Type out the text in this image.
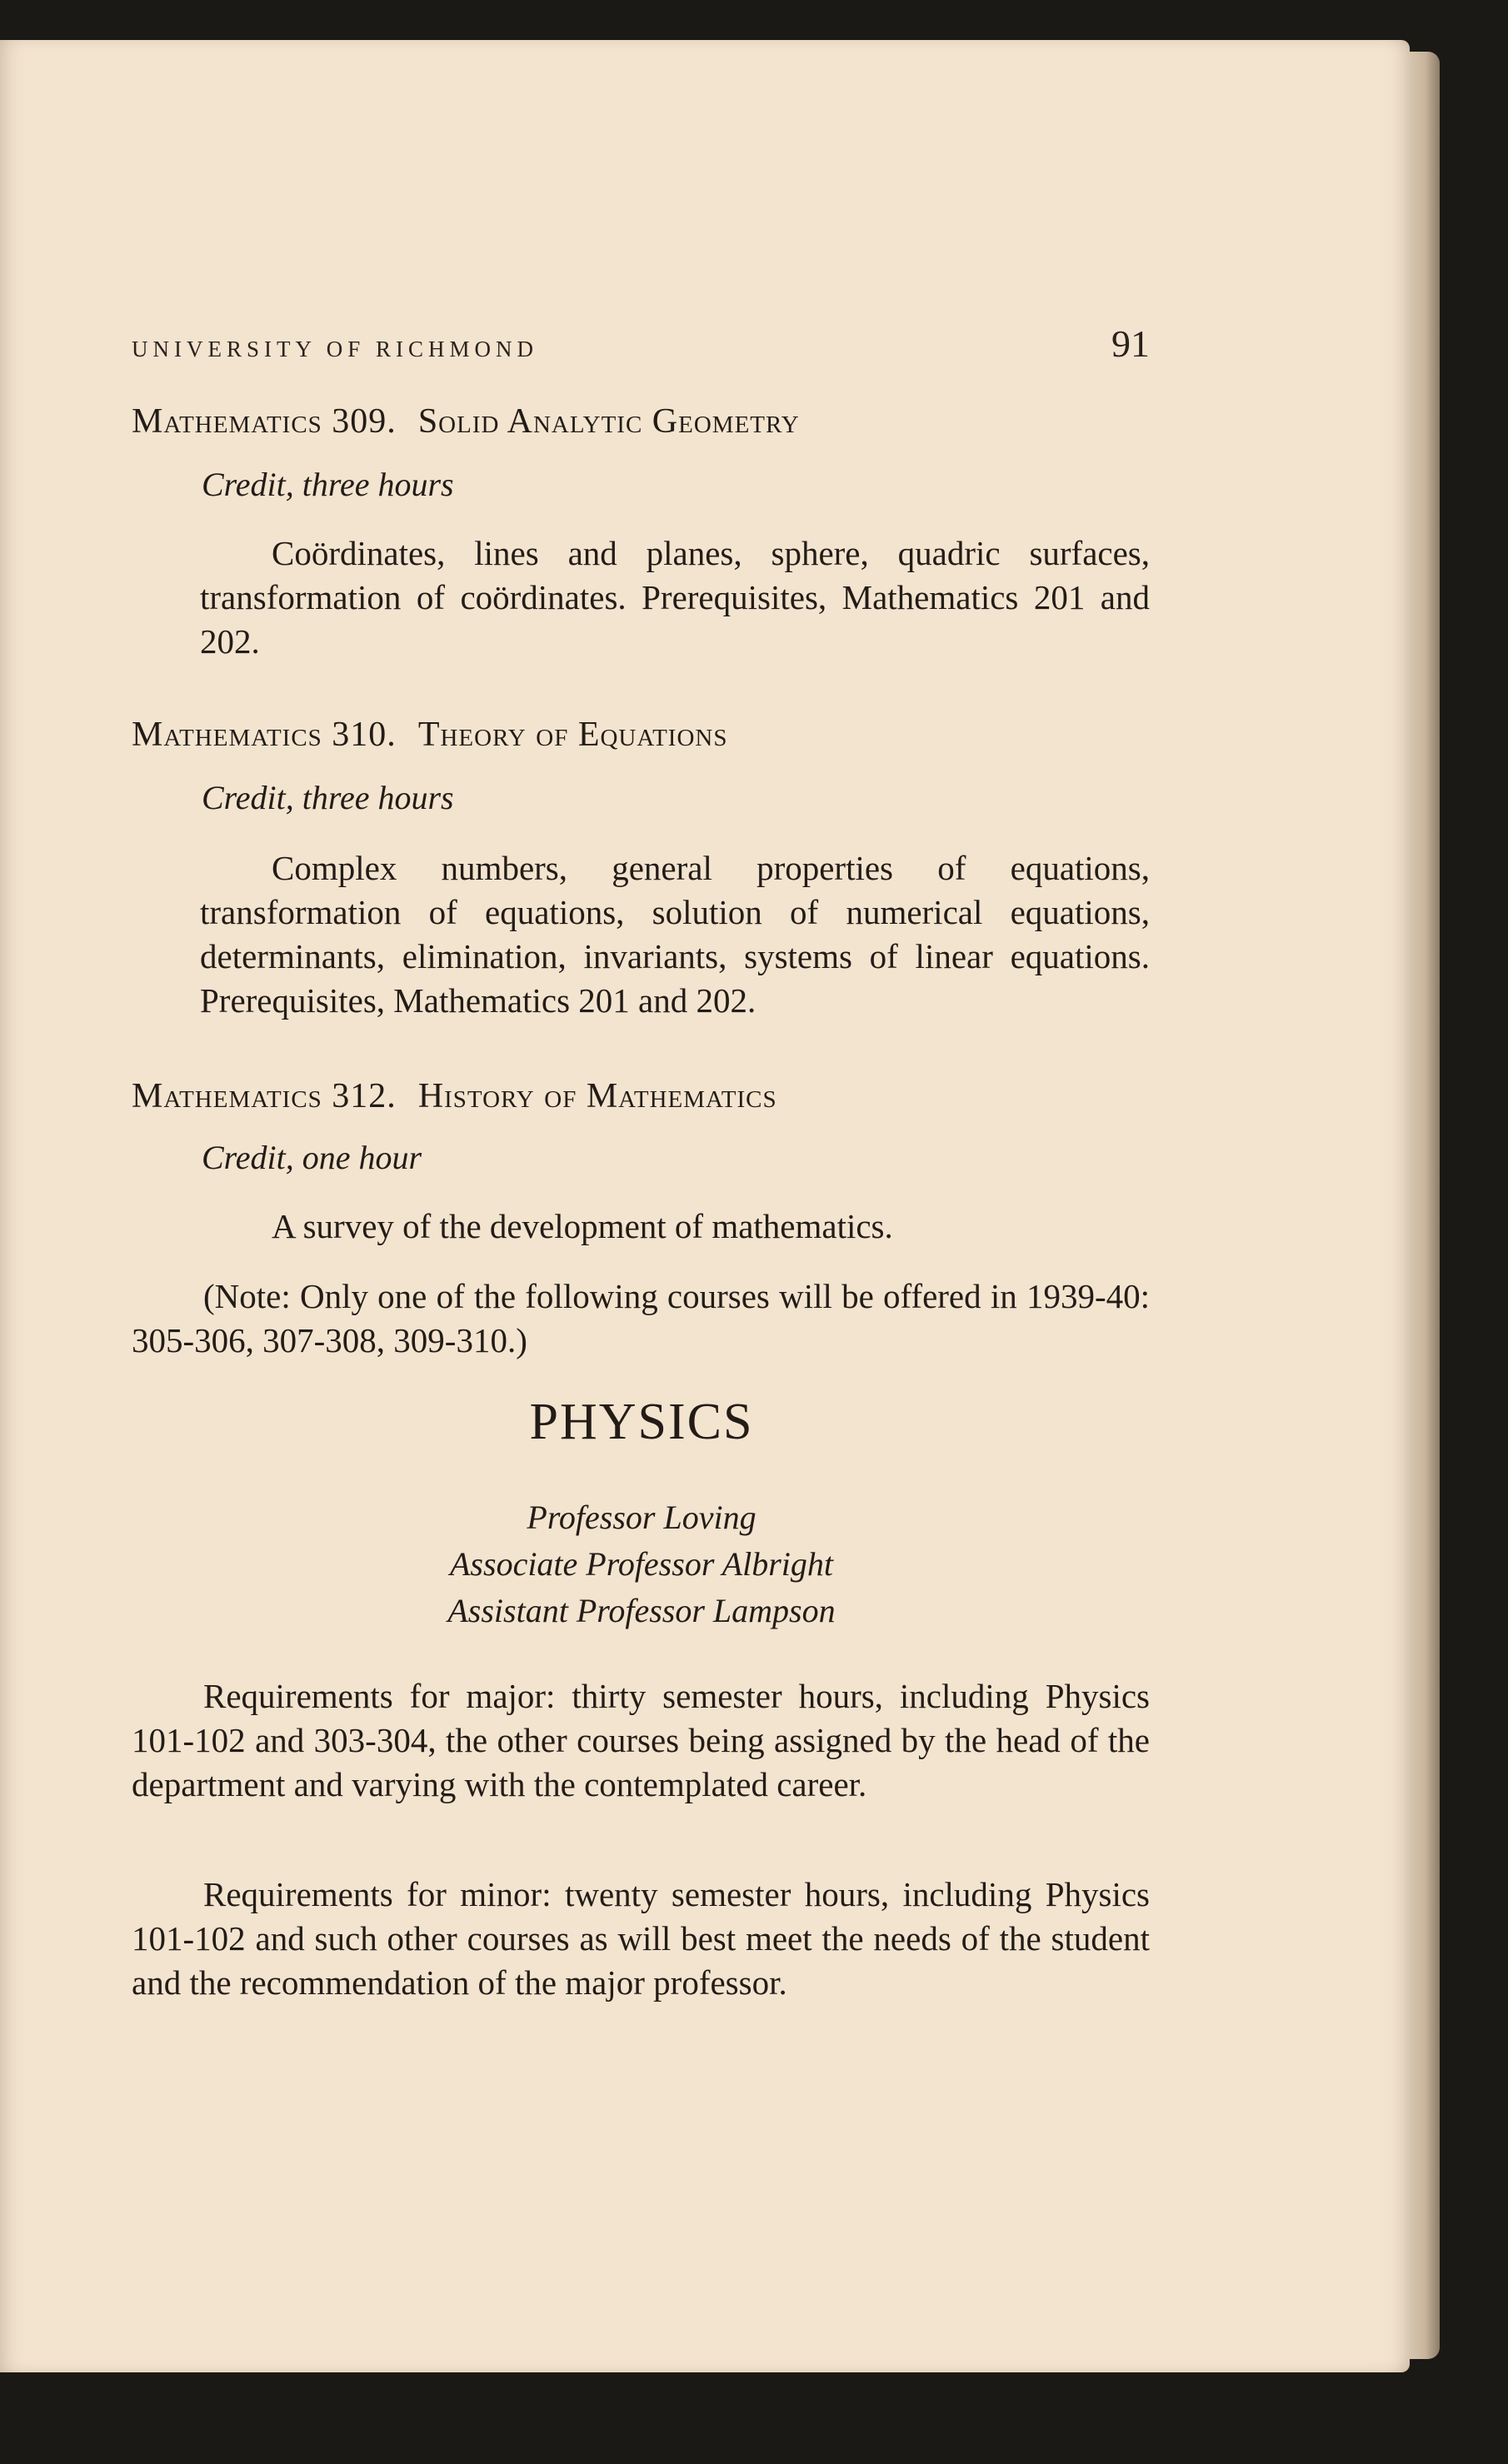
UNIVERSITY OF RICHMOND	91
Mathematics 309. Solid Analytic Geometry
Credit, three hours

Coördinates, lines and planes, sphere, quadric surfaces, transformation of coördinates. Prerequisites, Mathematics 201 and 202.

Mathematics 310. Theory of Equations
Credit, three hours

Complex numbers, general properties of equations, transformation of equations, solution of numerical equations, determinants, elimination, invariants, systems of linear equations. Prerequisites, Mathematics 201 and 202.

Mathematics 312. History of Mathematics
Credit, one hour

A survey of the development of mathematics.

(Note: Only one of the following courses will be offered in 1939-40: 305-306, 307-308, 309-310.)

PHYSICS
Professor Loving
Associate Professor Albright
Assistant Professor Lampson

Requirements for major: thirty semester hours, including Physics 101-102 and 303-304, the other courses being assigned by the head of the department and varying with the contemplated career.

Requirements for minor: twenty semester hours, including Physics 101-102 and such other courses as will best meet the needs of the student and the recommendation of the major professor.
